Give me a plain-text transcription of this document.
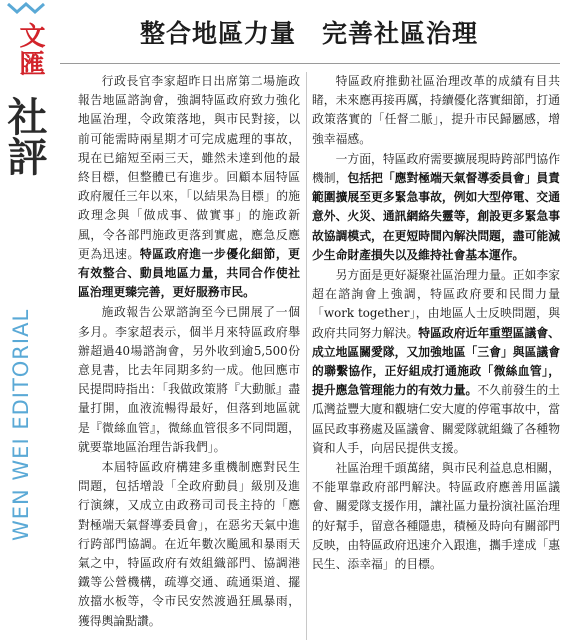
文匯
社評
WEN WEI EDITORIAL
整合地區力量　完善社區治理

行政長官李家超昨日出席第二場施政報告地區諮詢會，強調特區政府致力強化地區治理，令政策落地，與市民對接，以前可能需時兩星期才可完成處理的事故，現在已縮短至兩三天，雖然未達到他的最終目標，但整體已有進步。回顧本屆特區政府履任三年以來，「以結果為目標」的施政理念與「做成事、做實事」的施政新風，令各部門施政更落到實處，應急反應更為迅速。特區政府進一步優化細節，更有效整合、動員地區力量，共同合作使社區治理更臻完善，更好服務市民。

施政報告公眾諮詢至今已開展了一個多月。李家超表示，個半月來特區政府舉辦超過40場諮詢會，另外收到逾5,500份意見書，比去年同期多約一成。他回應市民提問時指出：「我做政策將『大動脈』盡量打開，血液流暢得最好，但落到地區就是『微絲血管』，微絲血管很多不同問題，就要靠地區治理告訴我們」。

本屆特區政府構建多重機制應對民生問題，包括增設「全政府動員」級別及進行演練，又成立由政務司司長主持的「應對極端天氣督導委員會」，在惡劣天氣中進行跨部門協調。在近年數次颱風和暴雨天氣之中，特區政府有效組織部門、協調港鐵等公營機構，疏導交通、疏通渠道、擺放擋水板等，令市民安然渡過狂風暴雨，獲得輿論點讚。

特區政府推動社區治理改革的成績有目共睹，未來應再接再厲，持續優化落實細節，打通政策落實的「任督二脈」，提升市民歸屬感，增強幸福感。

一方面，特區政府需要擴展現時跨部門協作機制，包括把「應對極端天氣督導委員會」員責範圍擴展至更多緊急事故，例如大型停電、交通意外、火災、通訊網絡失靈等，創設更多緊急事故協調模式，在更短時間內解決問題，盡可能減少生命財產損失以及維持社會基本運作。

另方面是更好凝聚社區治理力量。正如李家超在諮詢會上強調，特區政府要和民間力量「work together」，由地區人士反映問題，與政府共同努力解決。特區政府近年重塑區議會、成立地區關愛隊，又加強地區「三會」與區議會的聯繫協作，正好組成打通施政「微絲血管」，提升應急管理能力的有效力量。不久前發生的土瓜灣益豐大廈和觀塘仁安大廈的停電事故中，當區民政事務處及區議會、關愛隊就組織了各種物資和人手，向居民提供支援。

社區治理千頭萬緒，與市民利益息息相關，不能單靠政府部門解決。特區政府應善用區議會、關愛隊支援作用，讓社區力量扮演社區治理的好幫手，留意各種隱患，積極及時向有關部門反映，由特區政府迅速介入跟進，攜手達成「惠民生、添幸福」的目標。
